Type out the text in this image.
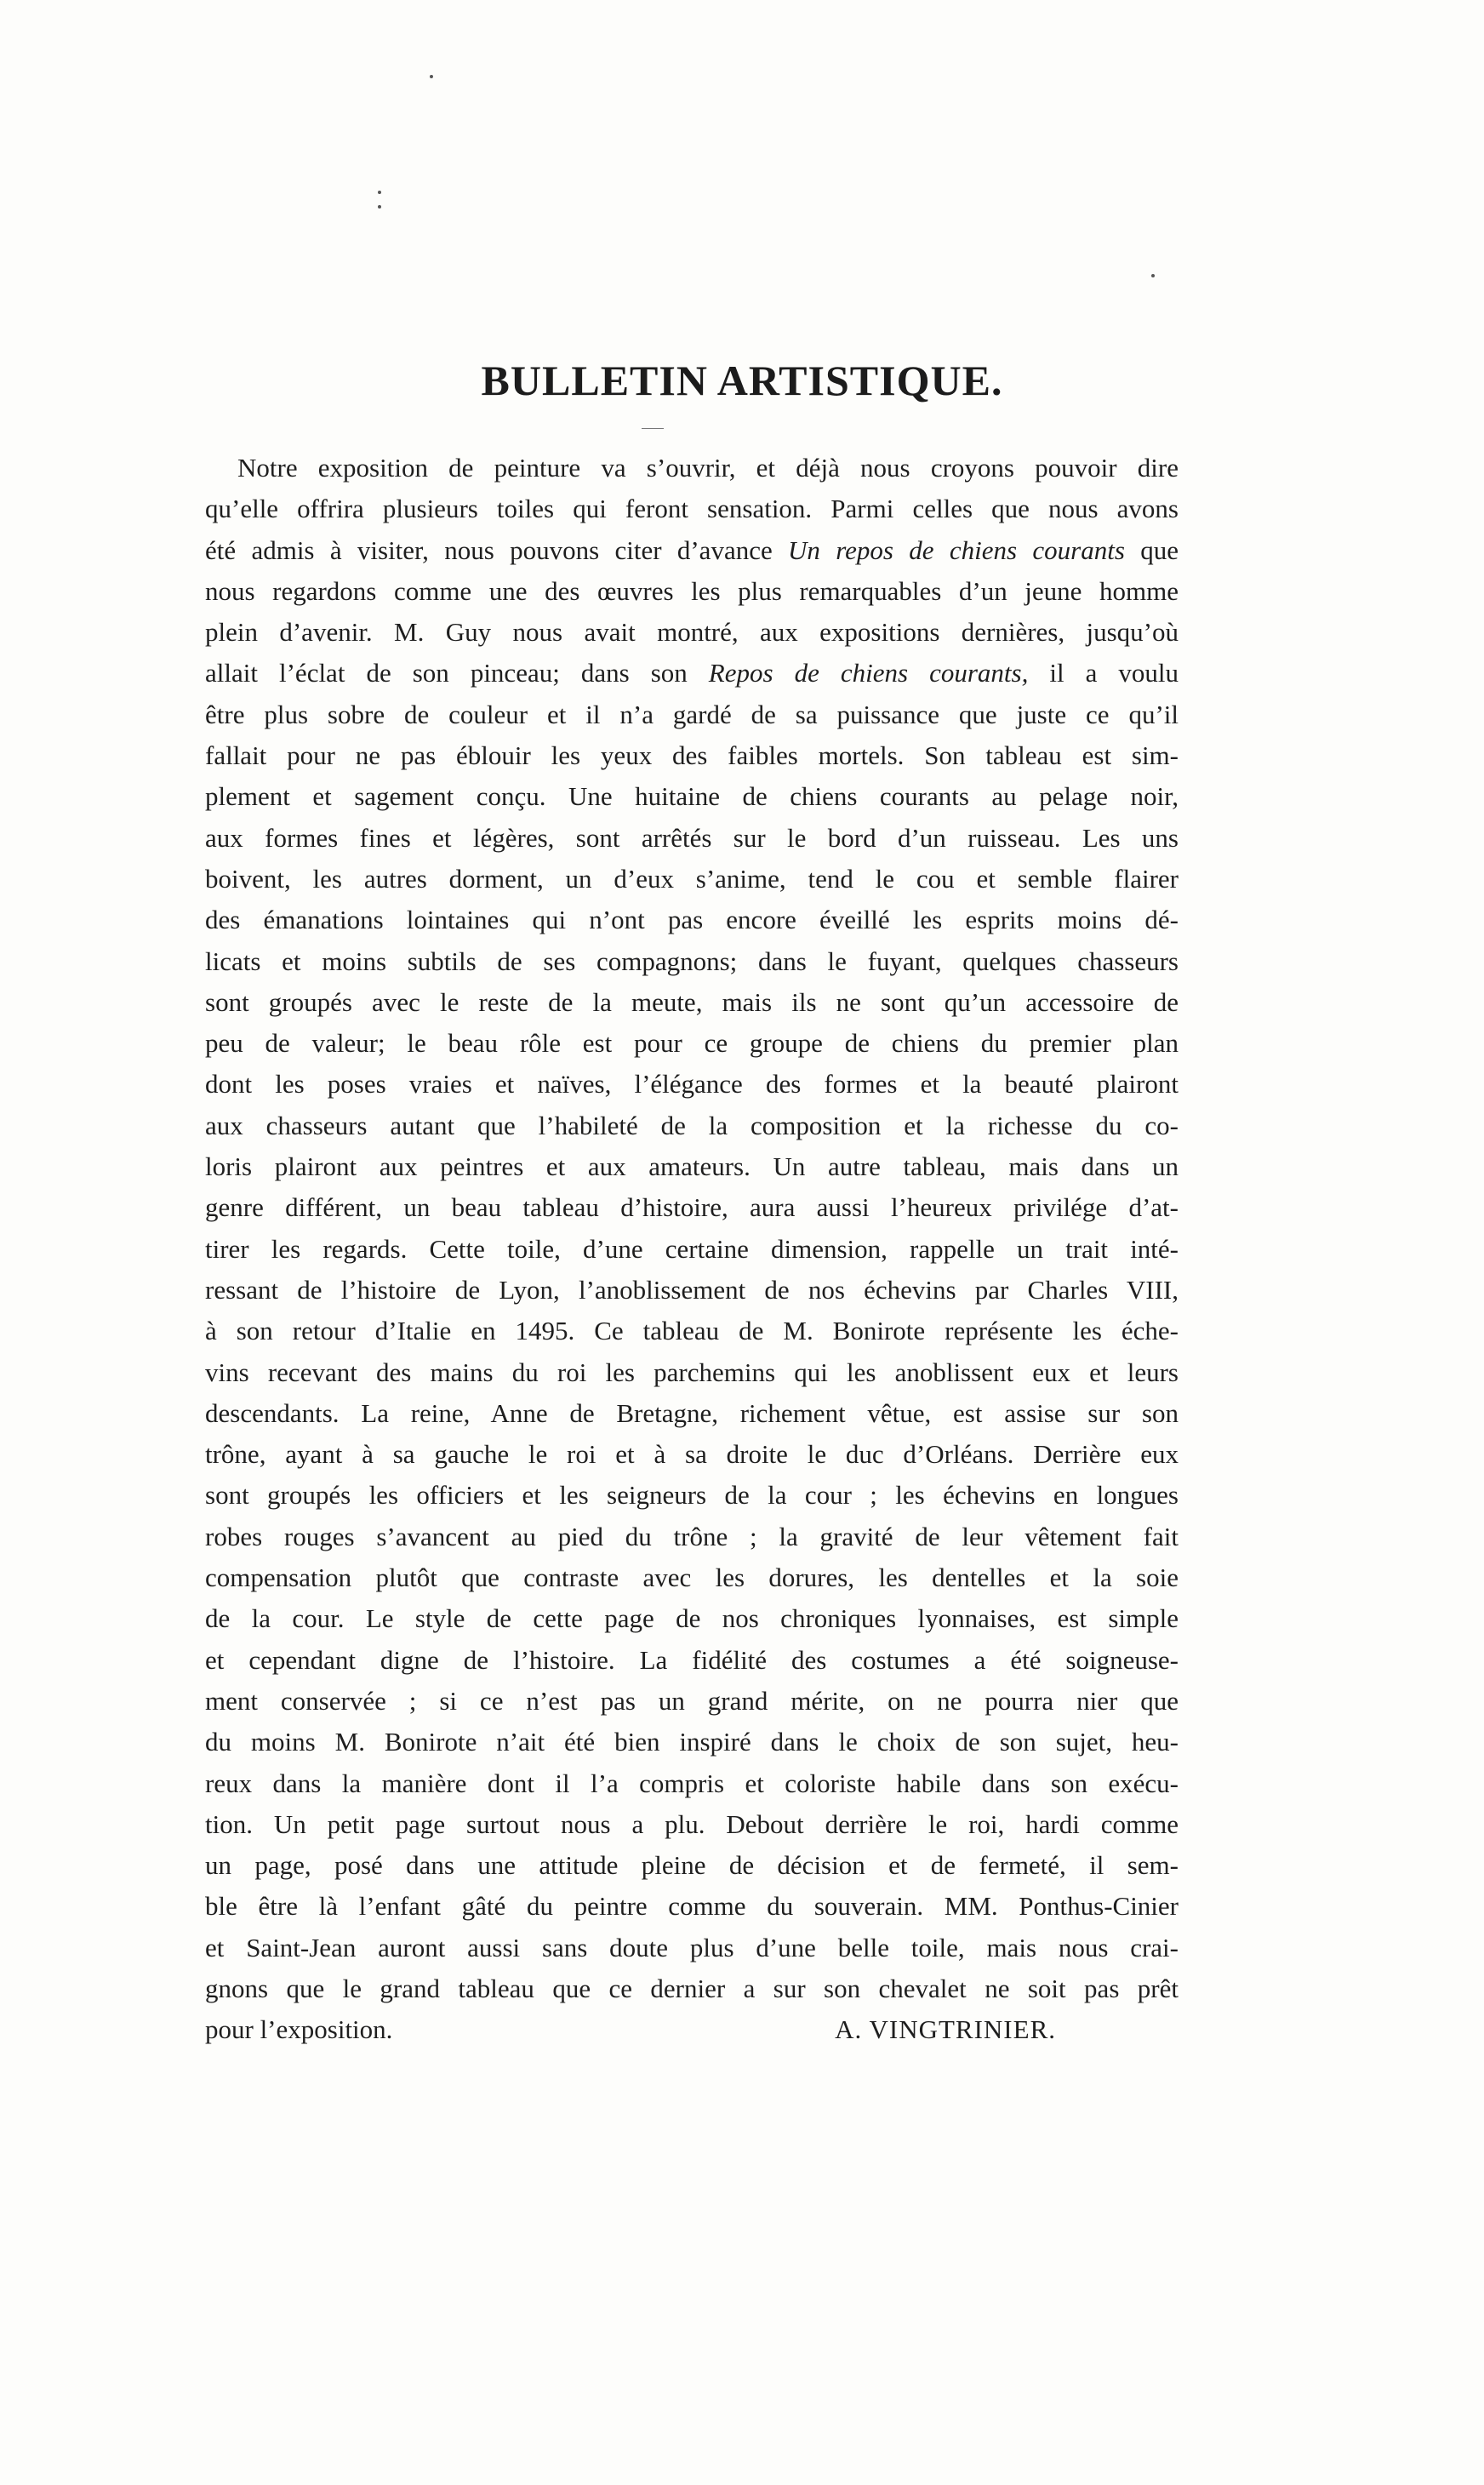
BULLETIN ARTISTIQUE.
Notre exposition de peinture va s’ouvrir, et déjà nous croyons pouvoir dire
qu’elle offrira plusieurs toiles qui feront sensation. Parmi celles que nous avons
été admis à visiter, nous pouvons citer d’avance Un repos de chiens courants que
nous regardons comme une des œuvres les plus remarquables d’un jeune homme
plein d’avenir. M. Guy nous avait montré, aux expositions dernières, jusqu’où
allait l’éclat de son pinceau; dans son Repos de chiens courants, il a voulu
être plus sobre de couleur et il n’a gardé de sa puissance que juste ce qu’il
fallait pour ne pas éblouir les yeux des faibles mortels. Son tableau est sim-
plement et sagement conçu. Une huitaine de chiens courants au pelage noir,
aux formes fines et légères, sont arrêtés sur le bord d’un ruisseau. Les uns
boivent, les autres dorment, un d’eux s’anime, tend le cou et semble flairer
des émanations lointaines qui n’ont pas encore éveillé les esprits moins dé-
licats et moins subtils de ses compagnons; dans le fuyant, quelques chasseurs
sont groupés avec le reste de la meute, mais ils ne sont qu’un accessoire de
peu de valeur; le beau rôle est pour ce groupe de chiens du premier plan
dont les poses vraies et naïves, l’élégance des formes et la beauté plairont
aux chasseurs autant que l’habileté de la composition et la richesse du co-
loris plairont aux peintres et aux amateurs. Un autre tableau, mais dans un
genre différent, un beau tableau d’histoire, aura aussi l’heureux privilége d’at-
tirer les regards. Cette toile, d’une certaine dimension, rappelle un trait inté-
ressant de l’histoire de Lyon, l’anoblissement de nos échevins par Charles VIII,
à son retour d’Italie en 1495. Ce tableau de M. Bonirote représente les éche-
vins recevant des mains du roi les parchemins qui les anoblissent eux et leurs
descendants. La reine, Anne de Bretagne, richement vêtue, est assise sur son
trône, ayant à sa gauche le roi et à sa droite le duc d’Orléans. Derrière eux
sont groupés les officiers et les seigneurs de la cour ; les échevins en longues
robes rouges s’avancent au pied du trône ; la gravité de leur vêtement fait
compensation plutôt que contraste avec les dorures, les dentelles et la soie
de la cour. Le style de cette page de nos chroniques lyonnaises, est simple
et cependant digne de l’histoire. La fidélité des costumes a été soigneuse-
ment conservée ; si ce n’est pas un grand mérite, on ne pourra nier que
du moins M. Bonirote n’ait été bien inspiré dans le choix de son sujet, heu-
reux dans la manière dont il l’a compris et coloriste habile dans son exécu-
tion. Un petit page surtout nous a plu. Debout derrière le roi, hardi comme
un page, posé dans une attitude pleine de décision et de fermeté, il sem-
ble être là l’enfant gâté du peintre comme du souverain. MM. Ponthus-Cinier
et Saint-Jean auront aussi sans doute plus d’une belle toile, mais nous crai-
gnons que le grand tableau que ce dernier a sur son chevalet ne soit pas prêt
pour l’exposition.	A. VINGTRINIER.
